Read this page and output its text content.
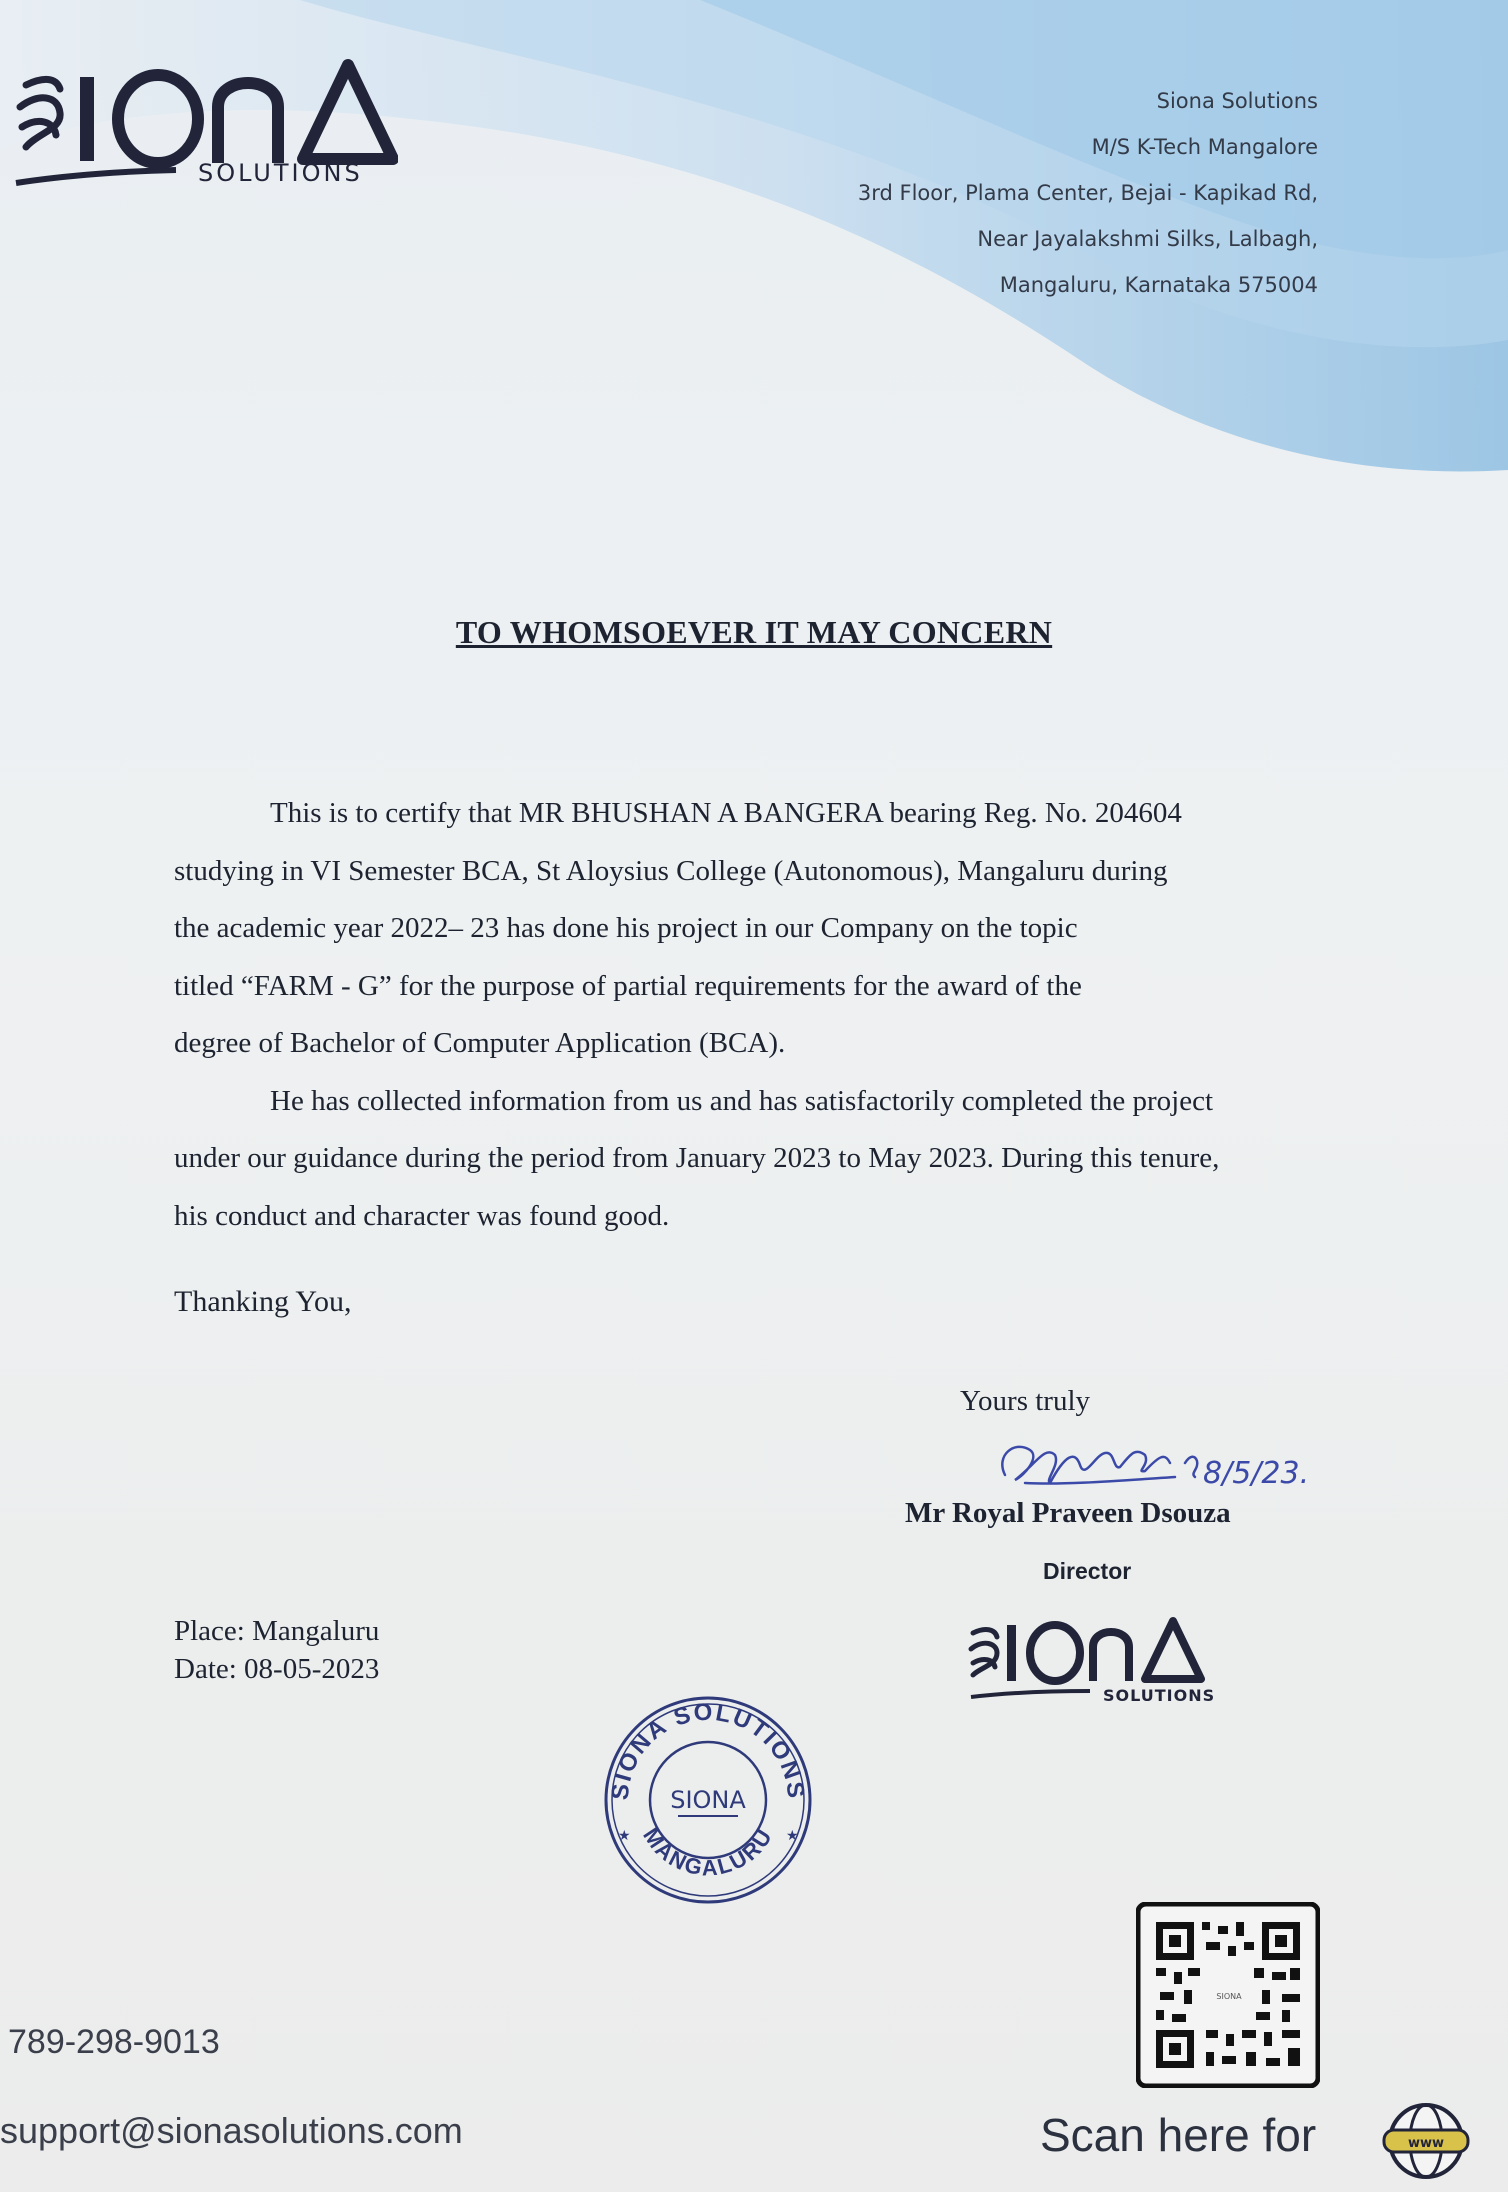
SOLUTIONS
Siona Solutions
M/S K-Tech Mangalore
3rd Floor, Plama Center, Bejai - Kapikad Rd,
Near Jayalakshmi Silks, Lalbagh,
Mangaluru, Karnataka 575004
TO WHOMSOEVER IT MAY CONCERN

This is to certify that MR BHUSHAN A BANGERA bearing Reg. No. 204604

studying in VI Semester BCA, St Aloysius College (Autonomous), Mangaluru during

the academic year 2022– 23 has done his project in our Company on the topic

titled “FARM - G” for the purpose of partial requirements for the award of the

degree of Bachelor of Computer Application (BCA).

He has collected information from us and has satisfactorily completed the project

under our guidance during the period from January 2023 to May 2023. During this tenure,

his conduct and character was found good.

Thanking You,
Yours truly
8/5/23.
Mr Royal Praveen Dsouza
Director
SOLUTIONS
Place: Mangaluru
Date: 08-05-2023
SIONA SOLUTIONS
MANGALURU
SIONA
★	★
SIONA
789-298-9013
support@sionasolutions.com	Scan here for	www
